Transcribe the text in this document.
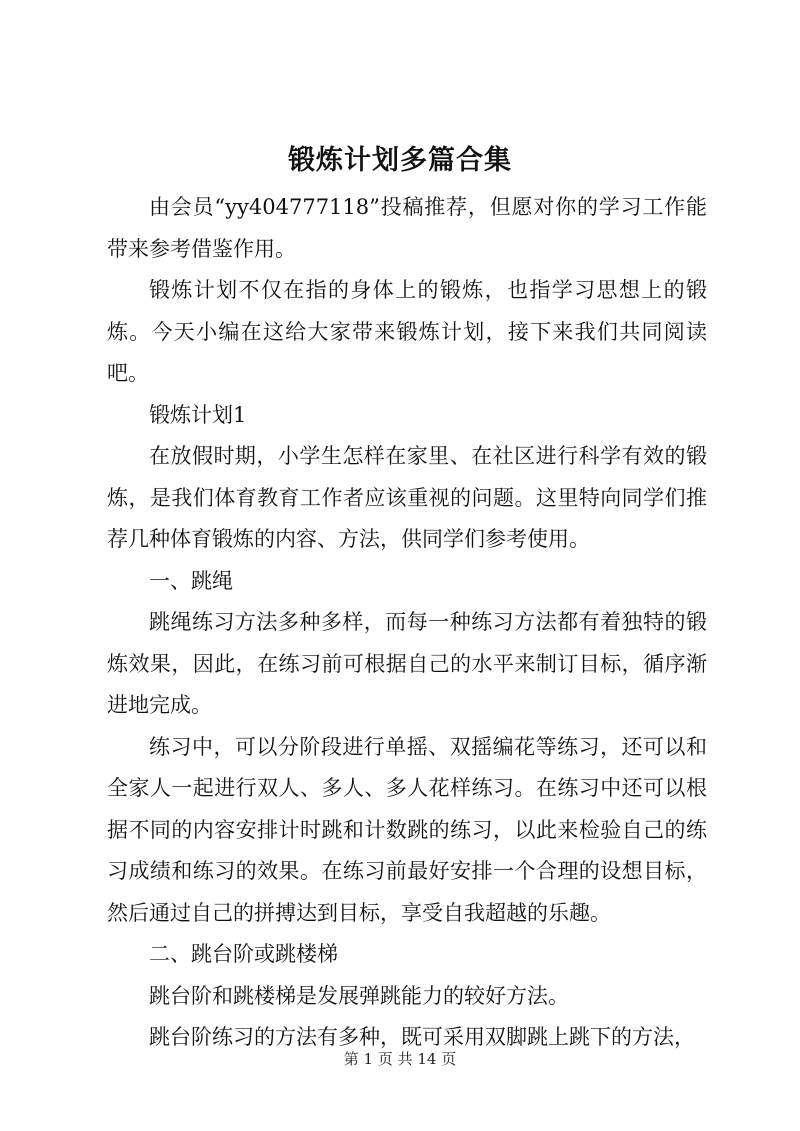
锻炼计划多篇合集

由会员“yy404777118”投稿推荐，但愿对你的学习工作能带来参考借鉴作用。

锻炼计划不仅在指的身体上的锻炼，也指学习思想上的锻炼。今天小编在这给大家带来锻炼计划，接下来我们共同阅读吧。

锻炼计划1

在放假时期，小学生怎样在家里、在社区进行科学有效的锻炼，是我们体育教育工作者应该重视的问题。这里特向同学们推荐几种体育锻炼的内容、方法，供同学们参考使用。

一、跳绳

跳绳练习方法多种多样，而每一种练习方法都有着独特的锻炼效果，因此，在练习前可根据自己的水平来制订目标，循序渐进地完成。

练习中，可以分阶段进行单摇、双摇编花等练习，还可以和全家人一起进行双人、多人、多人花样练习。在练习中还可以根据不同的内容安排计时跳和计数跳的练习，以此来检验自己的练习成绩和练习的效果。在练习前最好安排一个合理的设想目标，然后通过自己的拼搏达到目标，享受自我超越的乐趣。

二、跳台阶或跳楼梯

跳台阶和跳楼梯是发展弹跳能力的较好方法。

跳台阶练习的方法有多种，既可采用双脚跳上跳下的方法，

第 1 页 共 14 页
